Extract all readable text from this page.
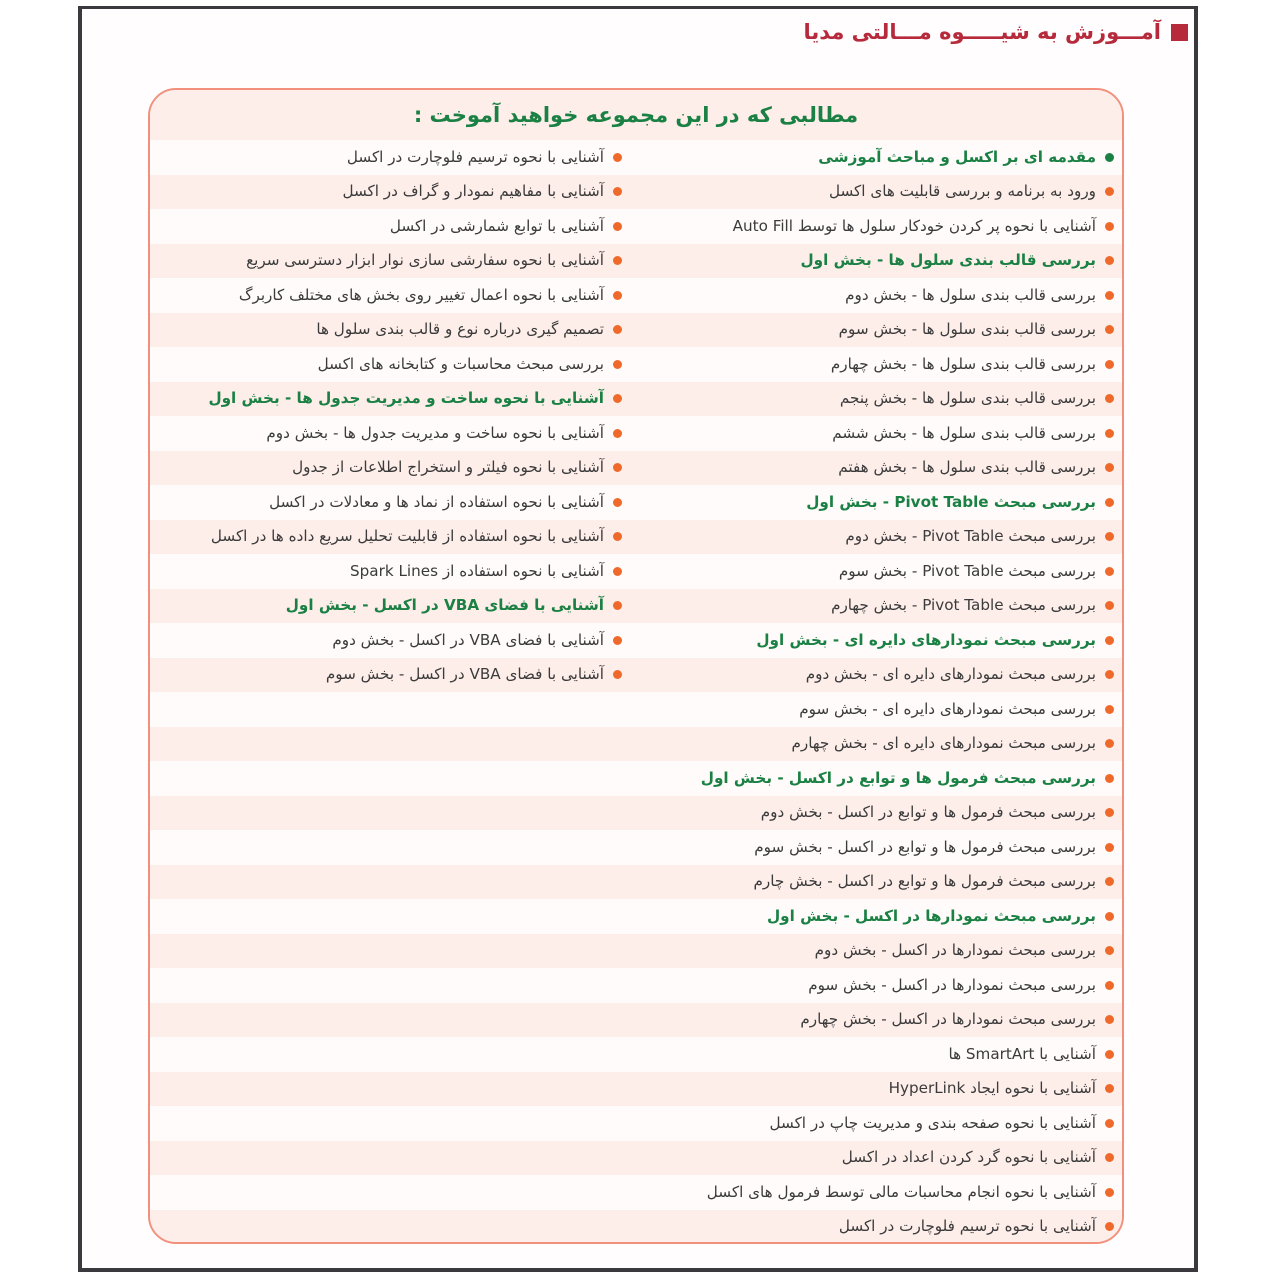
آمـــوزش به شیـــــوه مـــالتی مدیا
مطالبی که در این مجموعه خواهید آموخت :
مقدمه ای بر اکسل و مباحث آموزشی
ورود به برنامه و بررسی قابلیت های اکسل
آشنایی با نحوه پر کردن خودکار سلول ها توسط Auto Fill
بررسی قالب بندی سلول ها - بخش اول
بررسی قالب بندی سلول ها - بخش دوم
بررسی قالب بندی سلول ها - بخش سوم
بررسی قالب بندی سلول ها - بخش چهارم
بررسی قالب بندی سلول ها - بخش پنجم
بررسی قالب بندی سلول ها - بخش ششم
بررسی قالب بندی سلول ها - بخش هفتم
بررسی مبحث Pivot Table - بخش اول
بررسی مبحث Pivot Table - بخش دوم
بررسی مبحث Pivot Table - بخش سوم
بررسی مبحث Pivot Table - بخش چهارم
بررسی مبحث نمودارهای دایره ای - بخش اول
بررسی مبحث نمودارهای دایره ای - بخش دوم
بررسی مبحث نمودارهای دایره ای - بخش سوم
بررسی مبحث نمودارهای دایره ای - بخش چهارم
بررسی مبحث فرمول ها و توابع در اکسل - بخش اول
بررسی مبحث فرمول ها و توابع در اکسل - بخش دوم
بررسی مبحث فرمول ها و توابع در اکسل - بخش سوم
بررسی مبحث فرمول ها و توابع در اکسل - بخش چارم
بررسی مبحث نمودارها در اکسل - بخش اول
بررسی مبحث نمودارها در اکسل - بخش دوم
بررسی مبحث نمودارها در اکسل - بخش سوم
بررسی مبحث نمودارها در اکسل - بخش چهارم
آشنایی با SmartArt ها
آشنایی با نحوه ایجاد HyperLink
آشنایی با نحوه صفحه بندی و مدیریت چاپ در اکسل
آشنایی با نحوه گرد کردن اعداد در اکسل
آشنایی با نحوه انجام محاسبات مالی توسط فرمول های اکسل
آشنایی با نحوه ترسیم فلوچارت در اکسل
آشنایی با نحوه ترسیم فلوچارت در اکسل
آشنایی با مفاهیم نمودار و گراف در اکسل
آشنایی با توابع شمارشی در اکسل
آشنایی با نحوه سفارشی سازی نوار ابزار دسترسی سریع
آشنایی با نحوه اعمال تغییر روی بخش های مختلف کاربرگ
تصمیم گیری درباره نوع و قالب بندی سلول ها
بررسی مبحث محاسبات و کتابخانه های اکسل
آشنایی با نحوه ساخت و مدیریت جدول ها - بخش اول
آشنایی با نحوه ساخت و مدیریت جدول ها - بخش دوم
آشنایی با نحوه فیلتر و استخراج اطلاعات از جدول
آشنایی با نحوه استفاده از نماد ها و معادلات در اکسل
آشنایی با نحوه استفاده از قابلیت تحلیل سریع داده ها در اکسل
آشنایی با نحوه استفاده از Spark Lines
آشنایی با فضای VBA در اکسل - بخش اول
آشنایی با فضای VBA در اکسل - بخش دوم
آشنایی با فضای VBA در اکسل - بخش سوم
